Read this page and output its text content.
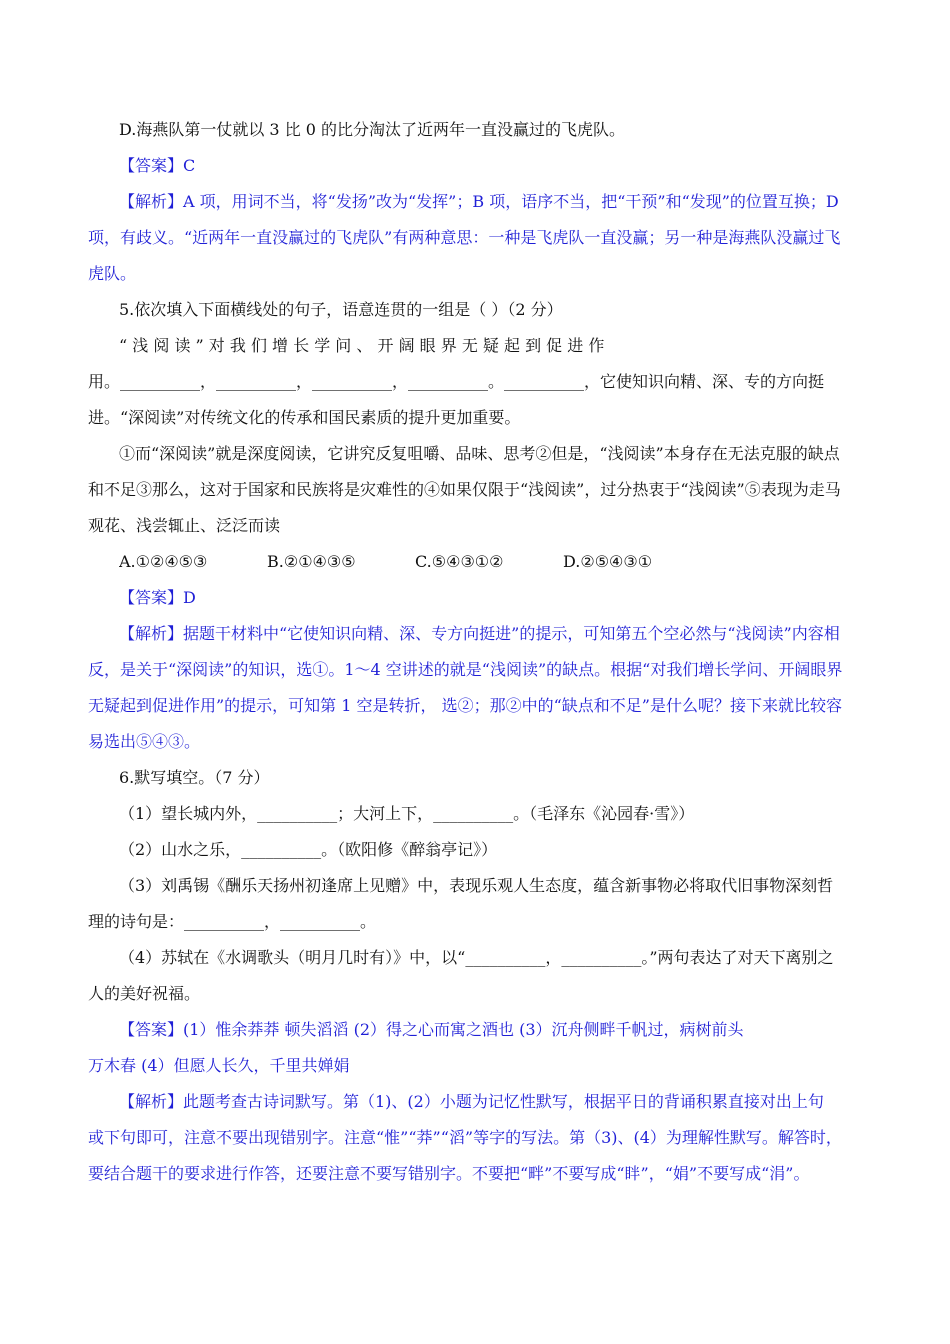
D.海燕队第一仗就以 3 比 0 的比分淘汰了近两年一直没赢过的飞虎队。
【答案】C
【解析】A 项，用词不当，将“发扬”改为“发挥”；B 项，语序不当，把“干预”和“发现”的位置互换；D
项，有歧义。“近两年一直没赢过的飞虎队”有两种意思：一种是飞虎队一直没赢；另一种是海燕队没赢过飞
虎队。
5.依次填入下面横线处的句子，语意连贯的一组是（ ）（2 分）
“ 浅 阅 读 ” 对 我 们 增 长 学 问 、 开 阔 眼 界 无 疑 起 到 促 进 作
用。__________，__________，__________，__________。__________，它使知识向精、深、专的方向挺
进。“深阅读”对传统文化的传承和国民素质的提升更加重要。
①而“深阅读”就是深度阅读，它讲究反复咀嚼、品味、思考②但是，“浅阅读”本身存在无法克服的缺点
和不足③那么，这对于国家和民族将是灾难性的④如果仅限于“浅阅读”，过分热衷于“浅阅读”⑤表现为走马
观花、浅尝辄止、泛泛而读
A.①②④⑤③	B.②①④③⑤	C.⑤④③①②	D.②⑤④③①
【答案】D
【解析】据题干材料中“它使知识向精、深、专方向挺进”的提示，可知第五个空必然与“浅阅读”内容相
反，是关于“深阅读”的知识，选①。1～4 空讲述的就是“浅阅读”的缺点。根据“对我们增长学问、开阔眼界
无疑起到促进作用”的提示，可知第 1 空是转折， 选②；那②中的“缺点和不足”是什么呢？接下来就比较容
易选出⑤④③。
6.默写填空。（7 分）
（1）望长城内外，__________；大河上下，__________。（毛泽东《沁园春·雪》）
（2）山水之乐，__________。（欧阳修《醉翁亭记》）
（3）刘禹锡《酬乐天扬州初逢席上见赠》中，表现乐观人生态度，蕴含新事物必将取代旧事物深刻哲
理的诗句是：__________，__________。
（4）苏轼在《水调歌头（明月几时有）》中，以“__________，__________。”两句表达了对天下离别之
人的美好祝福。
【答案】(1）惟余莽莽 顿失滔滔 (2）得之心而寓之酒也 (3）沉舟侧畔千帆过，病树前头
万木春 (4）但愿人长久，千里共婵娟
【解析】此题考查古诗词默写。第（1)、(2）小题为记忆性默写，根据平日的背诵积累直接对出上句
或下句即可，注意不要出现错别字。注意“惟”“莽”“滔”等字的写法。第（3)、(4）为理解性默写。解答时，
要结合题干的要求进行作答，还要注意不要写错别字。不要把“畔”不要写成“眫”，“娟”不要写成“涓”。
